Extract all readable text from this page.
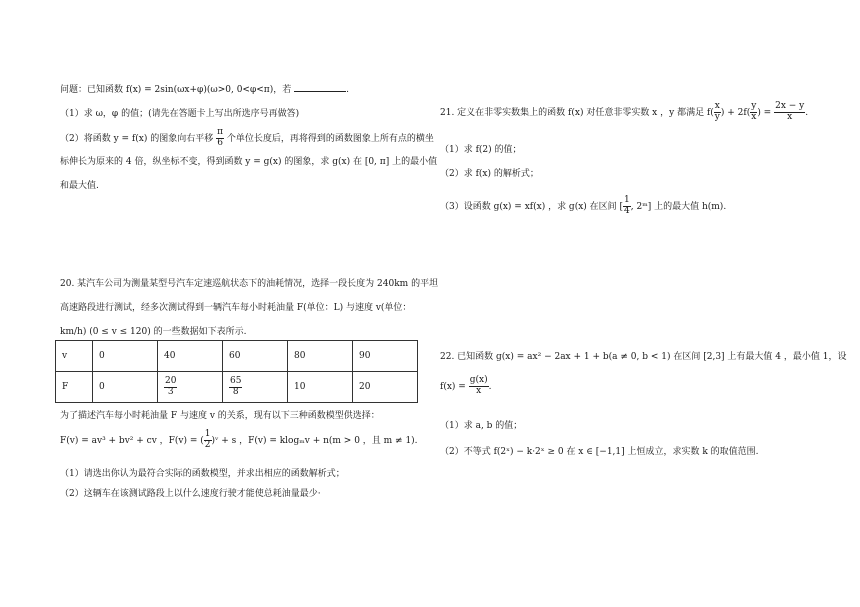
问题：已知函数 f(x) = 2sin(ωx+φ)(ω>0, 0<φ<π)，若	.
（1）求 ω，φ 的值；(请先在答题卡上写出所选序号再做答)
（2）将函数 y = f(x) 的图象向右平移 $\frac{\pi}{6}$ 个单位长度后，再将得到的函数图象上所有点的横坐
标伸长为原来的 4 倍，纵坐标不变，得到函数 y = g(x) 的图象，求 g(x) 在 [0, π] 上的最小值
和最大值.
20. 某汽车公司为测量某型号汽车定速巡航状态下的油耗情况，选择一段长度为 240km 的平坦
高速路段进行测试，经多次测试得到一辆汽车每小时耗油量 F(单位：L) 与速度 v(单位：
km/h) (0 ≤ v ≤ 120) 的一些数据如下表所示.
v	0	40	60	80	90
F	0	$\frac{20}{3}$	$\frac{65}{8}$	10	20
为了描述汽车每小时耗油量 F 与速度 v 的关系，现有以下三种函数模型供选择：
F(v) = av³ + bv² + cv ，F(v) = ( $\frac{1}{2}$ )ᵛ + s ，F(v) = klogₘv + n(m > 0 ，且 m ≠ 1).
（1）请选出你认为最符合实际的函数模型，并求出相应的函数解析式；
（2）这辆车在该测试路段上以什么速度行驶才能使总耗油量最少·
21. 定义在非零实数集上的函数 f(x) 对任意非零实数 x ，y 都满足 $f( \frac{x}{y}$ ) + $2f( \frac{y}{x}$ ) = $\frac{2x - y}{x}$ .
（1）求 f(2) 的值；
（2）求 f(x) 的解析式；
（3）设函数 g(x) = xf(x) ，求 g(x) 在区间 [ $\frac{1}{4}$ , 2ᵐ] 上的最大值 h(m).
22. 已知函数 g(x) = ax² − 2ax + 1 + b(a ≠ 0, b < 1) 在区间 [2,3] 上有最大值 4 ，最小值 1，设
$f(x) = \frac{g(x)}{x}$ .
（1）求 a, b 的值；
（2）不等式 f(2ˣ) − k·2ˣ ≥ 0 在 x ∈ [−1,1] 上恒成立，求实数 k 的取值范围.
